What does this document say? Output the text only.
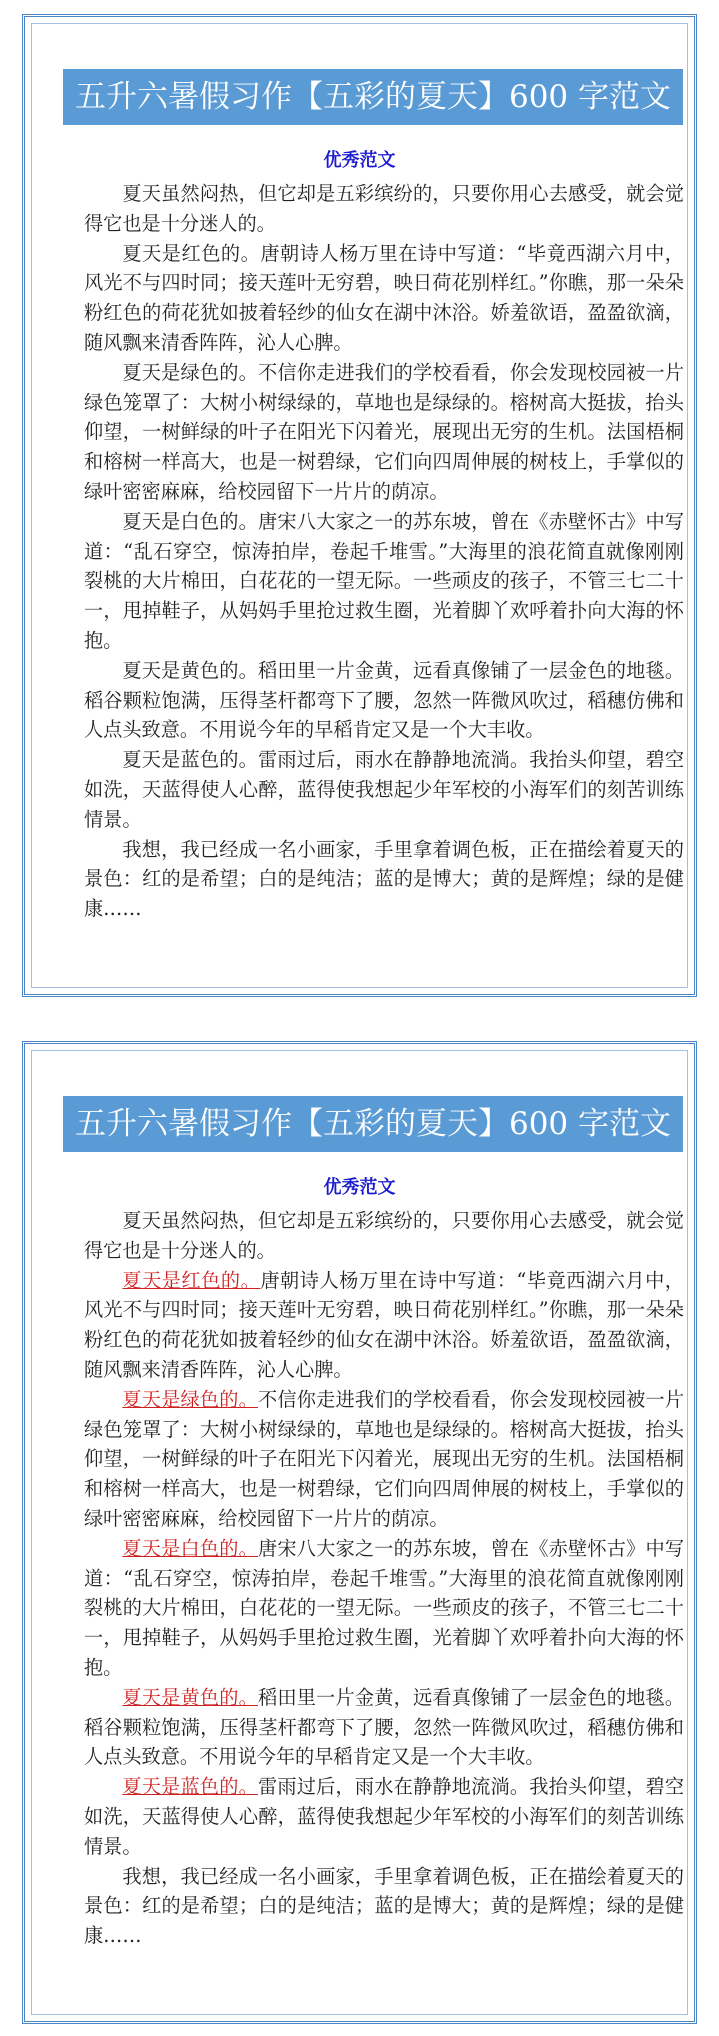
五升六暑假习作【五彩的夏天】600 字范文
优秀范文

夏天虽然闷热，但它却是五彩缤纷的，只要你用心去感受，就会觉得它也是十分迷人的。

夏天是红色的。唐朝诗人杨万里在诗中写道：“毕竟西湖六月中，风光不与四时同；接天莲叶无穷碧，映日荷花别样红。”你瞧，那一朵朵粉红色的荷花犹如披着轻纱的仙女在湖中沐浴。娇羞欲语，盈盈欲滴，随风飘来清香阵阵，沁人心脾。

夏天是绿色的。不信你走进我们的学校看看，你会发现校园被一片绿色笼罩了：大树小树绿绿的，草地也是绿绿的。榕树高大挺拔，抬头仰望，一树鲜绿的叶子在阳光下闪着光，展现出无穷的生机。法国梧桐和榕树一样高大，也是一树碧绿，它们向四周伸展的树枝上，手掌似的绿叶密密麻麻，给校园留下一片片的荫凉。

夏天是白色的。唐宋八大家之一的苏东坡，曾在《赤壁怀古》中写道：“乱石穿空，惊涛拍岸，卷起千堆雪。”大海里的浪花简直就像刚刚裂桃的大片棉田，白花花的一望无际。一些顽皮的孩子，不管三七二十一，甩掉鞋子，从妈妈手里抢过救生圈，光着脚丫欢呼着扑向大海的怀抱。

夏天是黄色的。稻田里一片金黄，远看真像铺了一层金色的地毯。稻谷颗粒饱满，压得茎杆都弯下了腰，忽然一阵微风吹过，稻穗仿佛和人点头致意。不用说今年的早稻肯定又是一个大丰收。

夏天是蓝色的。雷雨过后，雨水在静静地流淌。我抬头仰望，碧空如洗，天蓝得使人心醉，蓝得使我想起少年军校的小海军们的刻苦训练情景。

我想，我已经成一名小画家，手里拿着调色板，正在描绘着夏天的景色：红的是希望；白的是纯洁；蓝的是博大；黄的是辉煌；绿的是健康……

五升六暑假习作【五彩的夏天】600 字范文
优秀范文

夏天虽然闷热，但它却是五彩缤纷的，只要你用心去感受，就会觉得它也是十分迷人的。

夏天是红色的。唐朝诗人杨万里在诗中写道：“毕竟西湖六月中，风光不与四时同；接天莲叶无穷碧，映日荷花别样红。”你瞧，那一朵朵粉红色的荷花犹如披着轻纱的仙女在湖中沐浴。娇羞欲语，盈盈欲滴，随风飘来清香阵阵，沁人心脾。

夏天是绿色的。不信你走进我们的学校看看，你会发现校园被一片绿色笼罩了：大树小树绿绿的，草地也是绿绿的。榕树高大挺拔，抬头仰望，一树鲜绿的叶子在阳光下闪着光，展现出无穷的生机。法国梧桐和榕树一样高大，也是一树碧绿，它们向四周伸展的树枝上，手掌似的绿叶密密麻麻，给校园留下一片片的荫凉。

夏天是白色的。唐宋八大家之一的苏东坡，曾在《赤壁怀古》中写道：“乱石穿空，惊涛拍岸，卷起千堆雪。”大海里的浪花简直就像刚刚裂桃的大片棉田，白花花的一望无际。一些顽皮的孩子，不管三七二十一，甩掉鞋子，从妈妈手里抢过救生圈，光着脚丫欢呼着扑向大海的怀抱。

夏天是黄色的。稻田里一片金黄，远看真像铺了一层金色的地毯。稻谷颗粒饱满，压得茎杆都弯下了腰，忽然一阵微风吹过，稻穗仿佛和人点头致意。不用说今年的早稻肯定又是一个大丰收。

夏天是蓝色的。雷雨过后，雨水在静静地流淌。我抬头仰望，碧空如洗，天蓝得使人心醉，蓝得使我想起少年军校的小海军们的刻苦训练情景。

我想，我已经成一名小画家，手里拿着调色板，正在描绘着夏天的景色：红的是希望；白的是纯洁；蓝的是博大；黄的是辉煌；绿的是健康……
